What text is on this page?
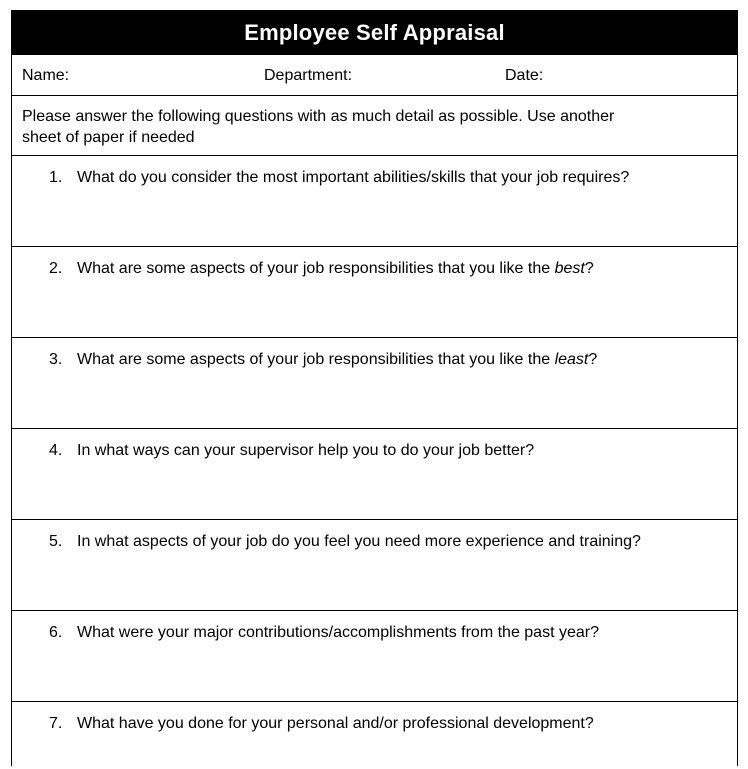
Employee Self Appraisal
Name:	Department:	Date:
Please answer the following questions with as much detail as possible. Use another
sheet of paper if needed
1. What do you consider the most important abilities/skills that your job requires?
2. What are some aspects of your job responsibilities that you like the best?
3. What are some aspects of your job responsibilities that you like the least?
4. In what ways can your supervisor help you to do your job better?
5. In what aspects of your job do you feel you need more experience and training?
6. What were your major contributions/accomplishments from the past year?
7. What have you done for your personal and/or professional development?
